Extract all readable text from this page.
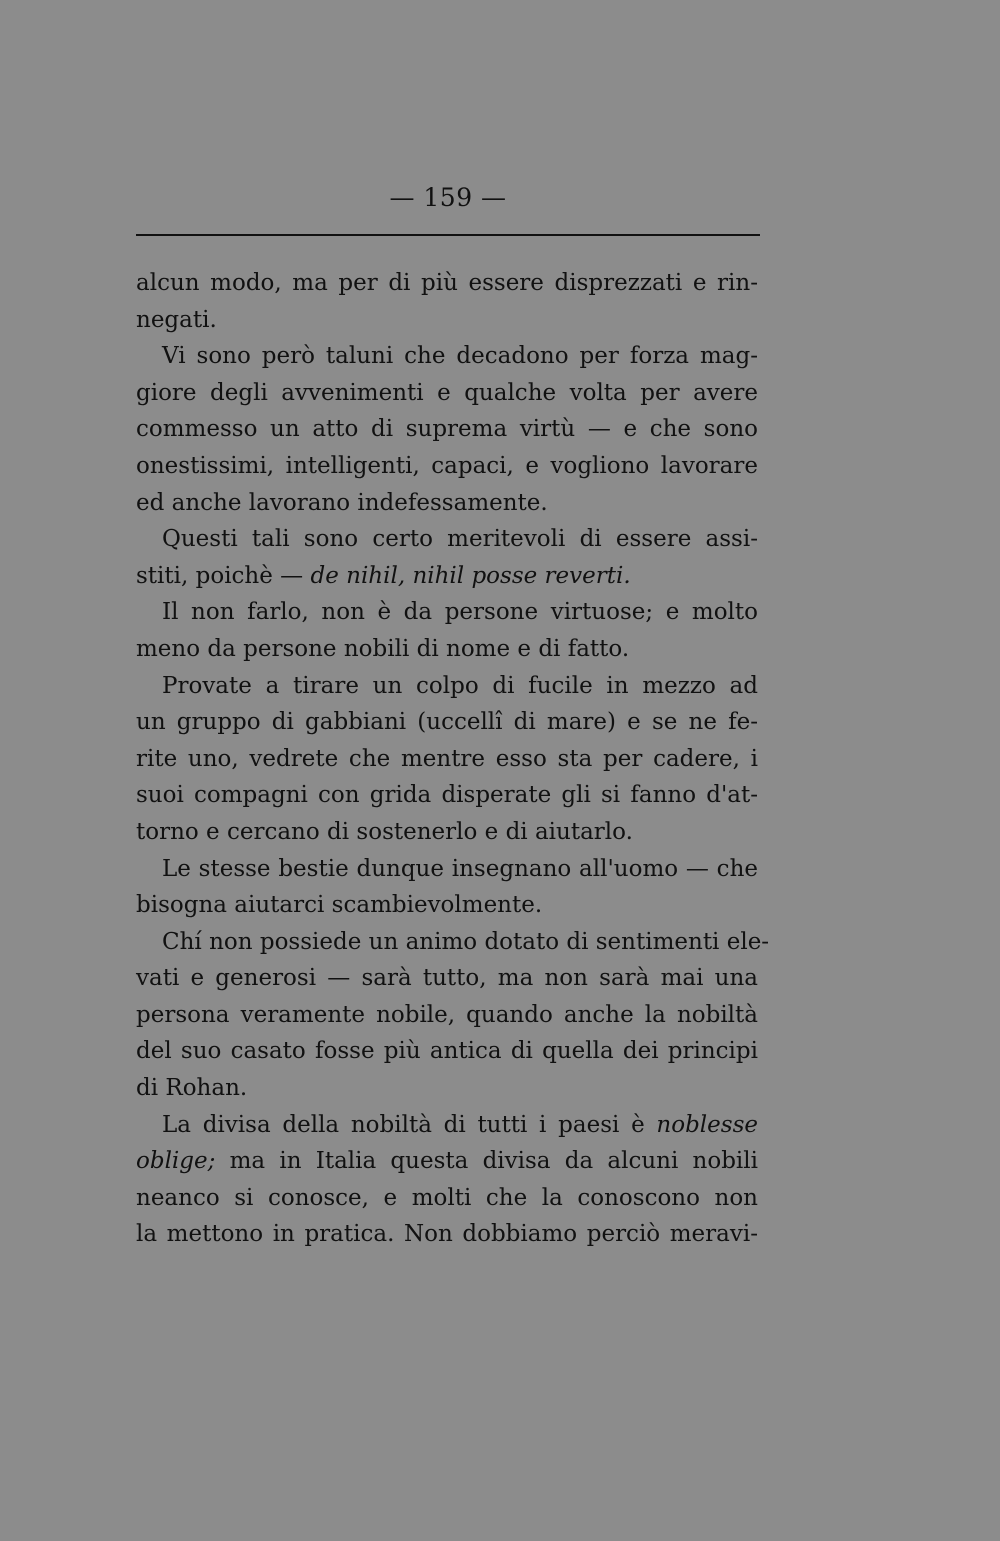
— 159 —
alcun modo, ma per di più essere disprezzati e rin-
negati.
Vi sono però taluni che decadono per forza mag-
giore degli avvenimenti e qualche volta per avere
commesso un atto di suprema virtù — e che sono
onestissimi, intelligenti, capaci, e vogliono lavorare
ed anche lavorano indefessamente.
Questi tali sono certo meritevoli di essere assi-
stiti, poichè — de nihil, nihil posse reverti.
Il non farlo, non è da persone virtuose; e molto
meno da persone nobili di nome e di fatto.
Provate a tirare un colpo di fucile in mezzo ad
un gruppo di gabbiani (uccellî di mare) e se ne fe-
rite uno, vedrete che mentre esso sta per cadere, i
suoi compagni con grida disperate gli si fanno d'at-
torno e cercano di sostenerlo e di aiutarlo.
Le stesse bestie dunque insegnano all'uomo — che
bisogna aiutarci scambievolmente.
Chí non possiede un animo dotato di sentimenti ele-
vati e generosi — sarà tutto, ma non sarà mai una
persona veramente nobile, quando anche la nobiltà
del suo casato fosse più antica di quella dei principi
di Rohan.
La divisa della nobiltà di tutti i paesi è noblesse
oblige; ma in Italia questa divisa da alcuni nobili
neanco si conosce, e molti che la conoscono non
la mettono in pratica. Non dobbiamo perciò meravi-
